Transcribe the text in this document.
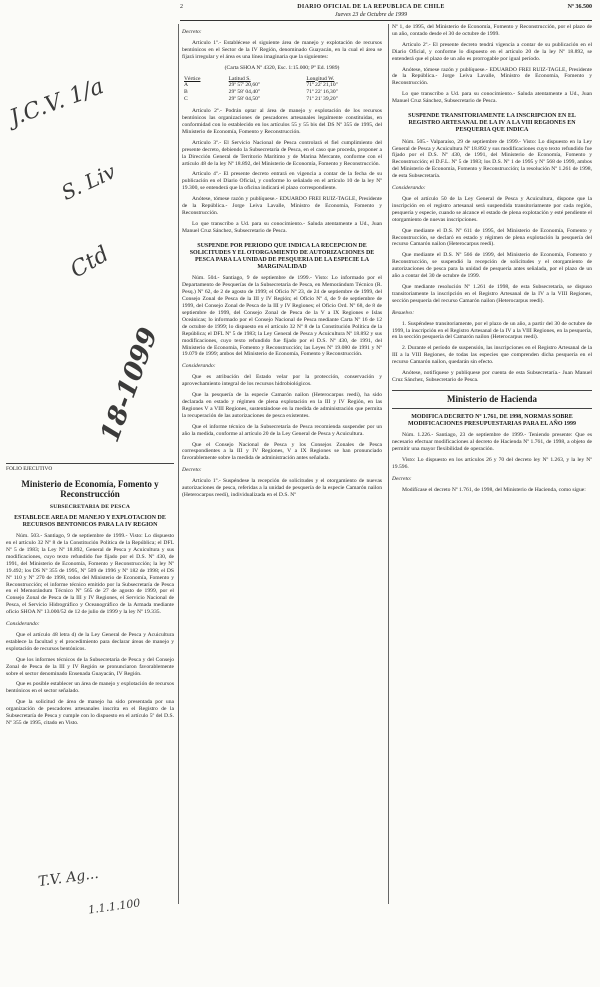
J.C.V. 1/a
S. Liv
Ctd
18-1099
T.V. Ag...
1.1.1.100
2	DIARIO OFICIAL DE LA REPUBLICA DE CHILE
Jueves 23 de Octubre de 1999
Nº 36.500

FOLIO EJECUTIVO

Ministerio de Economía, Fomento y Reconstrucción

SUBSECRETARIA DE PESCA

ESTABLECE AREA DE MANEJO Y EXPLOTACION DE RECURSOS BENTONICOS PARA LA IV REGION

Núm. 503.- Santiago, 9 de septiembre de 1999.- Visto: Lo dispuesto en el artículo 32 Nº 8 de la Constitución Política de la República; el DFL Nº 5 de 1983; la Ley Nº 18.892, General de Pesca y Acuicultura y sus modificaciones, cuyo texto refundido fue fijado por el D.S. Nº 430, de 1991, del Ministerio de Economía, Fomento y Reconstrucción; la ley Nº 19.492; los DS Nº 355 de 1995, Nº 509 de 1996 y Nº 182 de 1998; el DS Nº 110 y Nº 270 de 1998, todos del Ministerio de Economía, Fomento y Reconstrucción; el informe técnico emitido por la Subsecretaría de Pesca en el Memorándum Técnico Nº 565 de 27 de agosto de 1999, por el Consejo Zonal de Pesca de la III y IV Regiones, el Servicio Nacional de Pesca, el Servicio Hidrográfico y Oceanográfico de la Armada mediante oficio SHOA Nº 13.000/52 de 12 de julio de 1999 y la ley Nº 19.335.

Considerando:

Que el artículo 48 letra d) de la Ley General de Pesca y Acuicultura establece la facultad y el procedimiento para declarar áreas de manejo y explotación de recursos bentónicos.

Que los informes técnicos de la Subsecretaría de Pesca y del Consejo Zonal de Pesca de la III y IV Región se pronunciaron favorablemente sobre el sector denominado Ensenada Guayacán, IV Región.

Que es posible establecer un área de manejo y explotación de recursos bentónicos en el sector señalado.

Que la solicitud de área de manejo ha sido presentada por una organización de pescadores artesanales inscrita en el Registro de la Subsecretaría de Pesca y cumple con lo dispuesto en el artículo 5º del D.S. Nº 355 de 1995, citado en Visto.

Decreto:

Artículo 1º.- Establécese el siguiente área de manejo y explotación de recursos bentónicos en el Sector de la IV Región, denominado Guayacán, en la cual el área se fijará irregular y el área es una línea imaginaria que la siguientes:

(Carta SHOA Nº 4320, Esc. 1:15.000; Pº Ed. 1989)

Vértice	Latitud S.	Longitud W.
A	29º 57' 20,60"	71º 22' 21,10"
B	29º 58' 04,40"	71º 22' 16,30"
C	29º 58' 04,50"	71º 21' 39,20"

Artículo 2º.- Podrán optar al área de manejo y explotación de los recursos bentónicos las organizaciones de pescadores artesanales legalmente constituidas, en conformidad con lo establecido en los artículos 55 y 55 bis del DS Nº 355 de 1995, del Ministerio de Economía, Fomento y Reconstrucción.

Artículo 3º.- El Servicio Nacional de Pesca controlará el fiel cumplimiento del presente decreto, debiendo la Subsecretaría de Pesca, en el caso que proceda, proponer a la Dirección General de Territorio Marítimo y de Marina Mercante, conforme con el artículo 48 de la ley Nº 18.892, del Ministerio de Economía, Fomento y Reconstrucción.

Artículo 4º.- El presente decreto entrará en vigencia a contar de la fecha de su publicación en el Diario Oficial, y conforme lo señalado en el artículo 10 de la ley Nº 19.300, se entenderá que la oficina indicará el plazo correspondiente.

Anótese, tómese razón y publíquese.- EDUARDO FREI RUIZ-TAGLE, Presidente de la República.- Jorge Leiva Lavalle, Ministro de Economía, Fomento y Reconstrucción.

Lo que transcribo a Ud. para su conocimiento.- Saluda atentamente a Ud., Juan Manuel Cruz Sánchez, Subsecretario de Pesca.

SUSPENDE POR PERIODO QUE INDICA LA RECEPCION DE SOLICITUDES Y EL OTORGAMIENTO DE AUTORIZACIONES DE PESCA PARA LA UNIDAD DE PESQUERIA DE LA ESPECIE LA MARGINALIDAD

Núm. 504.- Santiago, 9 de septiembre de 1999.- Visto: Lo informado por el Departamento de Pesquerías de la Subsecretaría de Pesca, en Memorándum Técnico (R. Pesq.) Nº 62, de 2 de agosto de 1999; el Oficio Nº 23, de 24 de septiembre de 1999, del Consejo Zonal de Pesca de la III y IV Región; el Oficio Nº 4, de 9 de septiembre de 1999, del Consejo Zonal de Pesca de la III y IV Regiones; el Oficio Ord. Nº 68, de 8 de septiembre de 1999, del Consejo Zonal de Pesca de la V a IX Regiones e Islas Oceánicas; lo informado por el Consejo Nacional de Pesca mediante Carta Nº 16 de 12 de octubre de 1999; lo dispuesto en el artículo 32 Nº 8 de la Constitución Política de la República; el DFL Nº 5 de 1983; la Ley General de Pesca y Acuicultura Nº 18.892 y sus modificaciones, cuyo texto refundido fue fijado por el D.S. Nº 430, de 1991, del Ministerio de Economía, Fomento y Reconstrucción; las Leyes Nº 19.080 de 1991 y Nº 19.079 de 1999; ambos del Ministerio de Economía, Fomento y Reconstrucción.

Considerando:

Que es atribución del Estado velar por la protección, conservación y aprovechamiento integral de los recursos hidrobiológicos.

Que la pesquería de la especie Camarón nailon (Heterocarpus reedi), ha sido declarada en estado y régimen de plena explotación en la III y IV Región, en las Regiones V a VIII Regiones, sustentándose en la medida de administración que permita la recuperación de las autorizaciones de pesca existentes.

Que el informe técnico de la Subsecretaría de Pesca recomienda suspender por un año la medida, conforme al artículo 20 de la Ley General de Pesca y Acuicultura.

Que el Consejo Nacional de Pesca y los Consejos Zonales de Pesca correspondientes a la III y IV Regiones, V a IX Regiones se han pronunciado favorablemente sobre la medida de administración antes señalada.

Decreto:

Artículo 1º.- Suspéndese la recepción de solicitudes y el otorgamiento de nuevas autorizaciones de pesca, referidas a la unidad de pesquería de la especie Camarón nailon (Heterocarpus reedi), individualizada en el D.S. Nº

Nº 1, de 1995, del Ministerio de Economía, Fomento y Reconstrucción, por el plazo de un año, contado desde el 30 de octubre de 1999.

Artículo 2º.- El presente decreto tendrá vigencia a contar de su publicación en el Diario Oficial, y conforme lo dispuesto en el artículo 20 de la ley Nº 18.892, se entenderá que el plazo de un año es prorrogable por igual período.

Anótese, tómese razón y publíquese.- EDUARDO FREI RUIZ-TAGLE, Presidente de la República.- Jorge Leiva Lavalle, Ministro de Economía, Fomento y Reconstrucción.

Lo que transcribo a Ud. para su conocimiento.- Saluda atentamente a Ud., Juan Manuel Cruz Sánchez, Subsecretario de Pesca.

SUSPENDE TRANSITORIAMENTE LA INSCRIPCION EN EL REGISTRO ARTESANAL DE LA IV A LA VIII REGIONES EN PESQUERIA QUE INDICA

Núm. 505.- Valparaíso, 29 de septiembre de 1999.- Visto: Lo dispuesto en la Ley General de Pesca y Acuicultura Nº 18.892 y sus modificaciones cuyo texto refundido fue fijado por el D.S. Nº 430, de 1991, del Ministerio de Economía, Fomento y Reconstrucción; el D.F.L. Nº 5 de 1983; los D.S. Nº 1 de 1995 y Nº 568 de 1999, ambos del Ministerio de Economía, Fomento y Reconstrucción; la resolución Nº 1.261 de 1998, de esta Subsecretaría.

Considerando:

Que el artículo 50 de la Ley General de Pesca y Acuicultura, dispone que la inscripción en el registro artesanal será suspendida transitoriamente por cada región, pesquería y especie, cuando se alcance el estado de plena explotación y esté pendiente el otorgamiento de nuevas inscripciones.

Que mediante el D.S. Nº 611 de 1995, del Ministerio de Economía, Fomento y Reconstrucción, se declaró en estado y régimen de plena explotación la pesquería del recurso Camarón nailon (Heterocarpus reedi).

Que mediante el D.S. Nº 566 de 1999, del Ministerio de Economía, Fomento y Reconstrucción, se suspendió la recepción de solicitudes y el otorgamiento de autorizaciones de pesca para la unidad de pesquería antes señalada, por el plazo de un año a contar del 30 de octubre de 1999.

Que mediante resolución Nº 1.261 de 1998, de esta Subsecretaría, se dispuso transitoriamente la inscripción en el Registro Artesanal de la IV a la VIII Regiones, sección pesquería del recurso Camarón nailon (Heterocarpus reedi).

Resuelvo:

1. Suspéndese transitoriamente, por el plazo de un año, a partir del 30 de octubre de 1999, la inscripción en el Registro Artesanal de la IV a la VIII Regiones, en la pesquería, en la sección pesquería del Camarón nailon (Heterocarpus reedi).

2. Durante el período de suspensión, las inscripciones en el Registro Artesanal de la III a la VIII Regiones, de todas las especies que comprenden dicha pesquería en el recurso Camarón nailon, quedarán sin efecto.

Anótese, notifíquese y publíquese por cuenta de esta Subsecretaría.- Juan Manuel Cruz Sánchez, Subsecretario de Pesca.

Ministerio de Hacienda

MODIFICA DECRETO Nº 1.761, DE 1998, NORMAS SOBRE MODIFICACIONES PRESUPUESTARIAS PARA EL AÑO 1999

Núm. 1.226.- Santiago, 23 de septiembre de 1999.- Teniendo presente: Que es necesario efectuar modificaciones al decreto de Hacienda Nº 1.761, de 1998, a objeto de permitir una mayor flexibilidad de operación.

Visto: Lo dispuesto en los artículos 26 y 70 del decreto ley Nº 1.263, y la ley Nº 19.596.

Decreto:

Modifícase el decreto Nº 1.761, de 1998, del Ministerio de Hacienda, como sigue:
